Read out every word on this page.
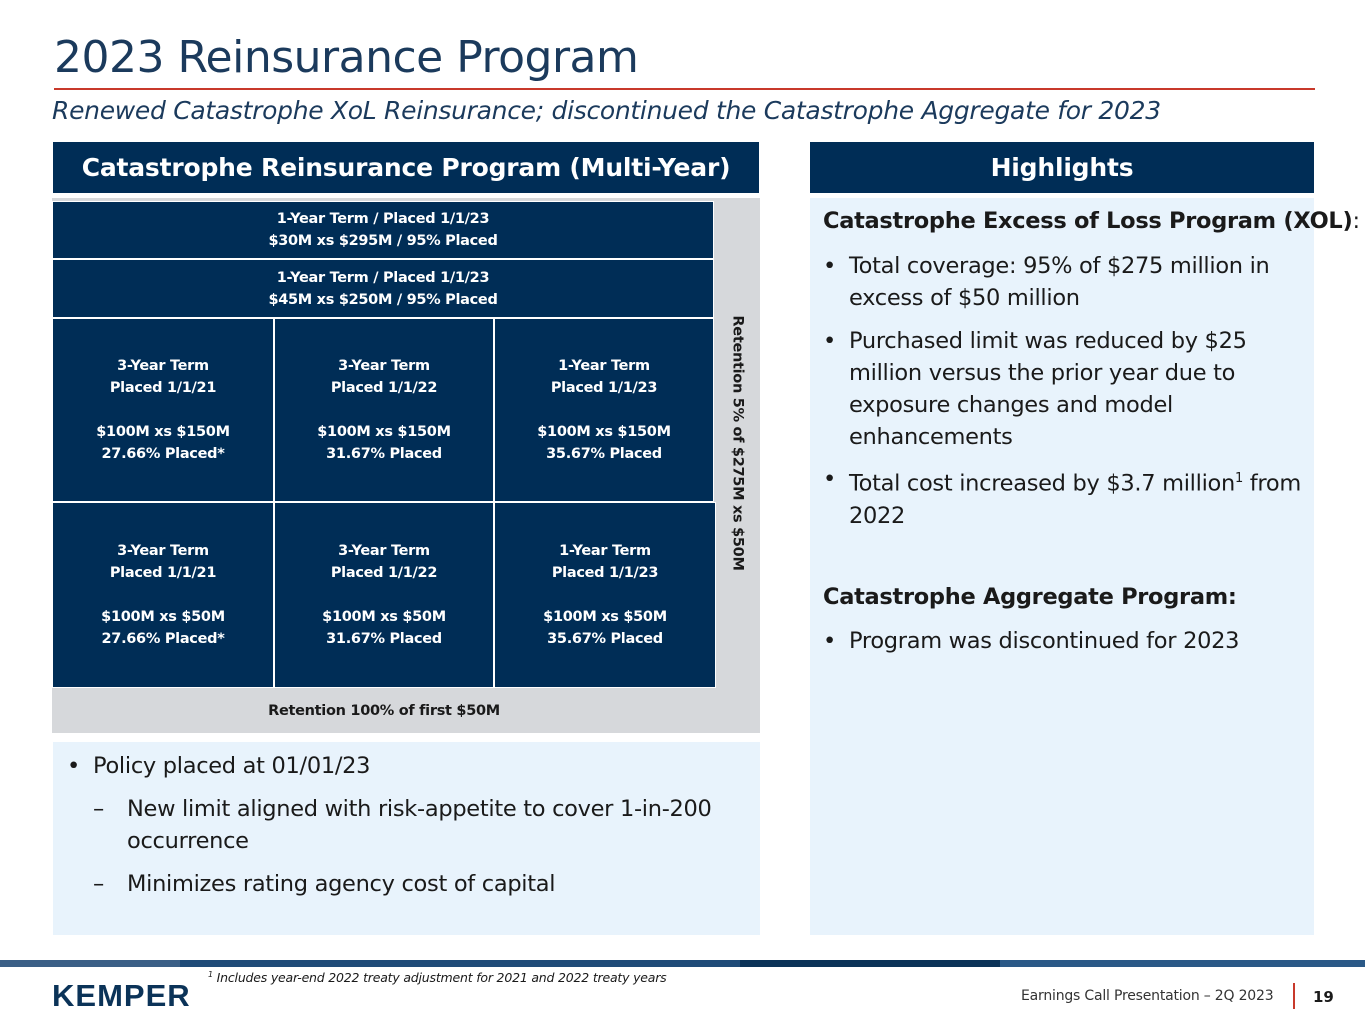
2023 Reinsurance Program
Renewed Catastrophe XoL Reinsurance; discontinued the Catastrophe Aggregate for 2023
Catastrophe Reinsurance Program (Multi-Year)
1-Year Term / Placed 1/1/23
$30M xs $295M / 95% Placed
1-Year Term / Placed 1/1/23
$45M xs $250M / 95% Placed
3-Year Term
Placed 1/1/21
$100M xs $150M
27.66% Placed*
3-Year Term
Placed 1/1/22
$100M xs $150M
31.67% Placed
1-Year Term
Placed 1/1/23
$100M xs $150M
35.67% Placed
3-Year Term
Placed 1/1/21
$100M xs $50M
27.66% Placed*
3-Year Term
Placed 1/1/22
$100M xs $50M
31.67% Placed
1-Year Term
Placed 1/1/23
$100M xs $50M
35.67% Placed
Retention 5% of $275M xs $50M
Retention 100% of first $50M
• Policy placed at 01/01/23
–	New limit aligned with risk-appetite to cover 1-in-200
occurrence
–	Minimizes rating agency cost of capital
Highlights
Catastrophe Excess of Loss Program (XOL):
• Total coverage: 95% of $275 million in
excess of $50 million
• Purchased limit was reduced by $25
million versus the prior year due to
exposure changes and model
enhancements
• Total cost increased by $3.7 million$^1$ from
2022
Catastrophe Aggregate Program:
• Program was discontinued for 2023
KEMPER
$^1$ Includes year-end 2022 treaty adjustment for 2021 and 2022 treaty years
Earnings Call Presentation – 2Q 2023	19
